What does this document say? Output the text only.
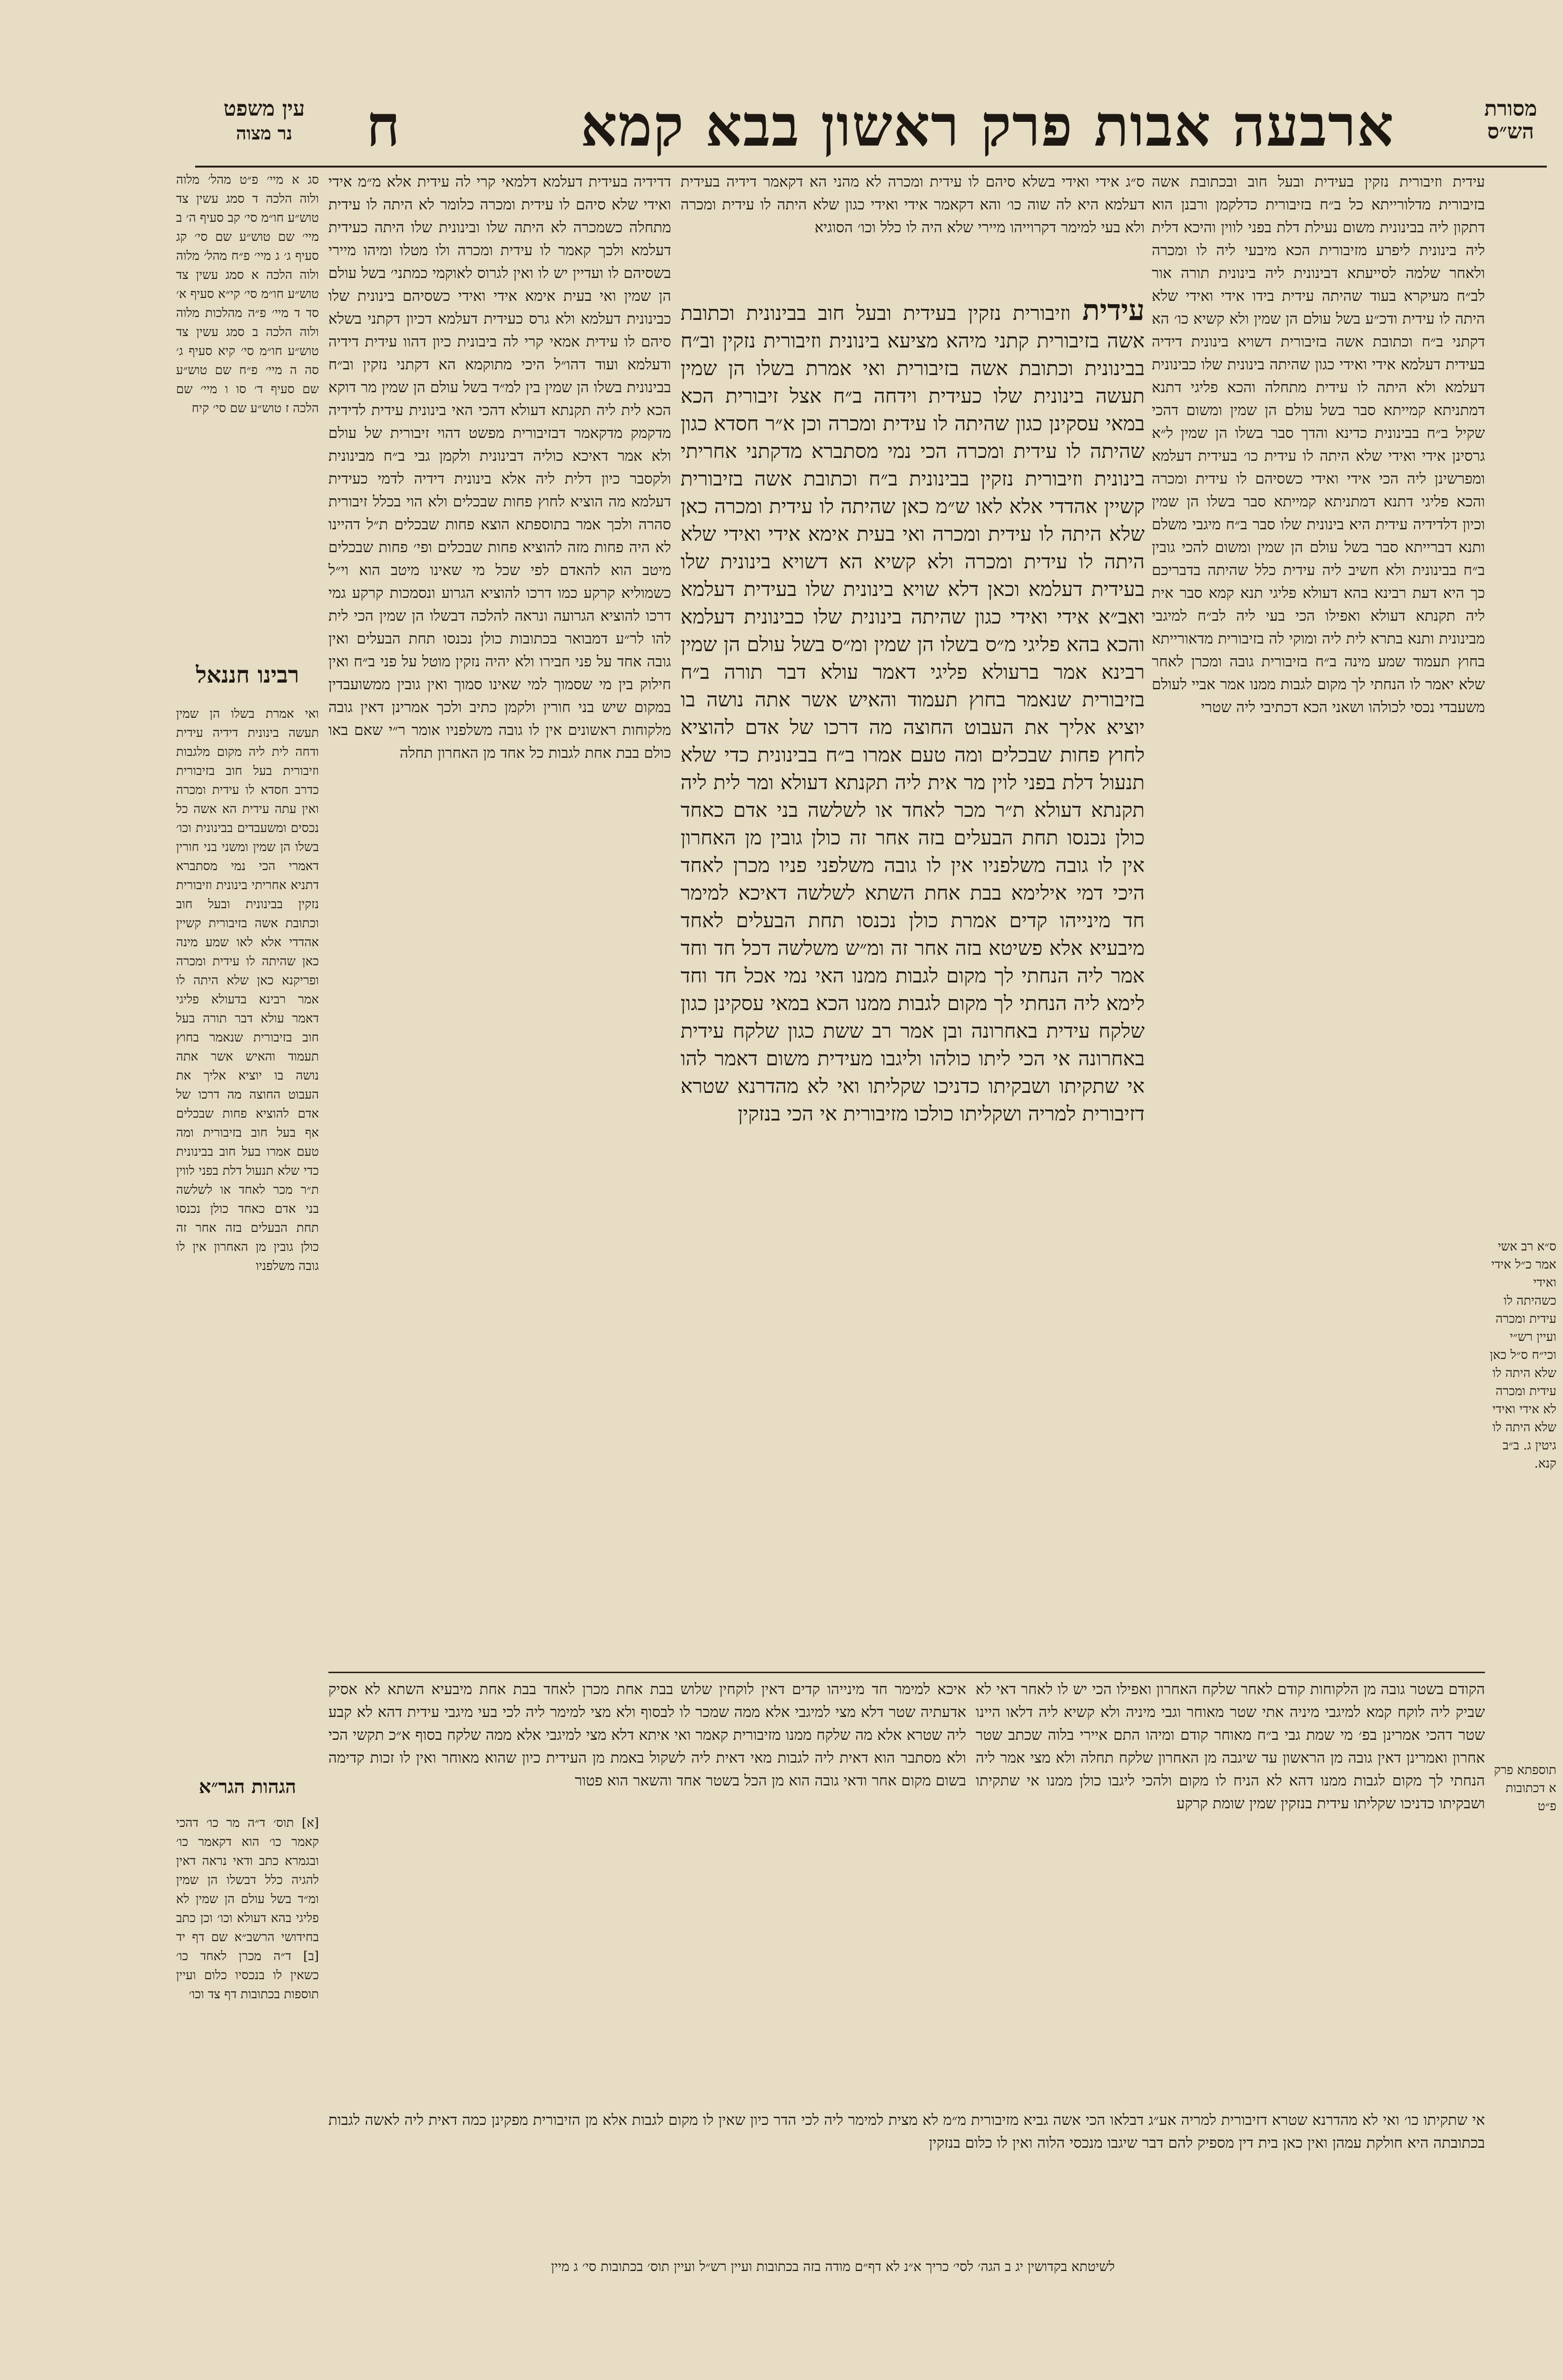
מסורת הש״ס
ארבעה אבות פרק ראשון בבא קמא
ח
עין משפט
נר מצוה

ס״ג אידי ואידי בשלא סיהם לו עידית ומכרה לא מהני הא דקאמר דידיה בעידית דעלמא היא לה שוה כו׳ והא דקאמר אידי ואידי כגון שלא היתה לו עידית ומכרה ולא בעי למימר דקרוייהו מיירי שלא היה לו כלל וכו׳ הסוגיא

עידית וזיבורית נזקין בעידית ובעל חוב בבינונית וכתובת אשה בזיבורית קתני מיהא מציעא בינונית וזיבורית נזקין וב״ח בבינונית וכתובת אשה בזיבורית ואי אמרת בשלו הן שמין תעשה בינונית שלו כעידית וידחה ב״ח אצל זיבורית הכא במאי עסקינן כגון שהיתה לו עידית ומכרה וכן א״ר חסדא כגון שהיתה לו עידית ומכרה הכי נמי מסתברא מדקתני אחריתי בינונית וזיבורית נזקין בבינונית ב״ח וכתובת אשה בזיבורית קשיין אהדדי אלא לאו ש״מ כאן שהיתה לו עידית ומכרה כאן שלא היתה לו עידית ומכרה ואי בעית אימא אידי ואידי שלא היתה לו עידית ומכרה ולא קשיא הא דשויא בינונית שלו בעידית דעלמא וכאן דלא שויא בינונית שלו בעידית דעלמא ואב״א אידי ואידי כגון שהיתה בינונית שלו כבינונית דעלמא והכא בהא פליגי מ״ס בשלו הן שמין ומ״ס בשל עולם הן שמין רבינא אמר ברעולא פליגי דאמר עולא דבר תורה ב״ח בזיבורית שנאמר בחוץ תעמוד והאיש אשר אתה נושה בו יוציא אליך את העבוט החוצה מה דרכו של אדם להוציא לחוץ פחות שבכלים ומה טעם אמרו ב״ח בבינונית כדי שלא תנעול דלת בפני לוין מר אית ליה תקנתא דעולא ומר לית ליה תקנתא דעולא ת״ר מכר לאחד או לשלשה בני אדם כאחד כולן נכנסו תחת הבעלים בזה אחר זה כולן גובין מן האחרון אין לו גובה משלפניו אין לו גובה משלפני פניו מכרן לאחד היכי דמי אילימא בבת אחת השתא לשלשה דאיכא למימר חד מינייהו קדים אמרת כולן נכנסו תחת הבעלים לאחד מיבעיא אלא פשיטא בזה אחר זה ומ״ש משלשה דכל חד וחד אמר ליה הנחתי לך מקום לגבות ממנו האי נמי אכל חד וחד לימא ליה הנחתי לך מקום לגבות ממנו הכא במאי עסקינן כגון שלקח עידית באחרונה ובן אמר רב ששת כגון שלקח עידית באחרונה אי הכי ליתו כולהו וליגבו מעידית משום דאמר להו אי שתקיתו ושבקיתו כדניכו שקליתו ואי לא מהדרנא שטרא דזיבורית למריה ושקליתו כולכו מזיבורית אי הכי בנזקין

עידית וזיבורית נזקין בעידית ובעל חוב ובכתובת אשה בזיבורית מדלורייתא כל ב״ח בזיבורית כדלקמן ורבנן הוא דתקון ליה בבינונית משום נעילת דלת בפני לווין והיכא דלית ליה בינונית ליפרע מזיבורית הכא מיבעי ליה לו ומכרה ולאחר שלמה לסייעתא דבינונית ליה בינונית תורה אור לב״ח מעיקרא בעוד שהיתה עידית בידו אידי ואידי שלא היתה לו עידית ודכ״ע בשל עולם הן שמין ולא קשיא כו׳ הא דקתני ב״ח וכתובת אשה בזיבורית דשויא בינונית דידיה בעידית דעלמא אידי ואידי כגון שהיתה בינונית שלו כבינונית דעלמא ולא היתה לו עידית מתחלה והכא פליגי דתנא דמתניתא קמייתא סבר בשל עולם הן שמין ומשום דהכי שקיל ב״ח בבינונית כדינא והדך סבר בשלו הן שמין ל״א גרסינן אידי ואידי שלא היתה לו עידית כו׳ בעידית דעלמא ומפרשינן ליה הכי אידי ואידי כשסיהם לו עידית ומכרה והכא פליגי דתנא דמתניתא קמייתא סבר בשלו הן שמין וכיון דלדידיה עידית היא בינונית שלו סבר ב״ח מיגבי משלם ותנא דברייתא סבר בשל עולם הן שמין ומשום להכי גובין ב״ח בבינונית ולא חשיב ליה עידית כלל שהיתה בדבריכם כך היא דעת רבינא בהא דעולא פליגי תנא קמא סבר אית ליה תקנתא דעולא ואפילו הכי בעי ליה לב״ח למיגבי מבינונית ותנא בתרא לית ליה ומוקי לה בזיבורית מדאורייתא בחוץ תעמוד שמע מינה ב״ח בזיבורית גובה ומכרן לאחר שלא יאמר לו הנחתי לך מקום לגבות ממנו אמר אביי לעולם משעבדי נכסי לכולהו ושאני הכא דכתיבי ליה שטרי

דדידיה בעידית דעלמא דלמאי קרי לה עידית אלא מ״מ אידי ואידי שלא סיהם לו עידית ומכרה כלומר לא היתה לו עידית מתחלה כשמכרה לא היתה שלו ובינונית שלו היתה כעידית דעלמא ולכך קאמר לו עידית ומכרה ולו מטלו ומיהו מיירי בשסיהם לו ועדיין יש לו ואין לגרוס לאוקמי כמתני׳ בשל עולם הן שמין ואי בעית אימא אידי ואידי כשסיהם בינונית שלו כבינונית דעלמא ולא גרס כעידית דעלמא דכיון דקתני בשלא סיהם לו עידית אמאי קרי לה ביבונית כיון דהוו עידית דידיה ודעלמא ועוד דהו״ל היכי מתוקמא הא דקתני נזקין וב״ח בבינונית בשלו הן שמין בין למ״ד בשל עולם הן שמין מר דוקא הכא לית ליה תקנתא דעולא דהכי האי בינונית עידית לדידיה מדקמק מדקאמר דבזיבורית מפשט דהוי זיבורית של עולם ולא אמר דאיכא כוליה דבינונית ולקמן גבי ב״ח מבינונית ולקסבר כיון דלית ליה אלא בינונית דידיה לדמי כעידית דעלמא מה הוציא לחוץ פחות שבכלים ולא הוי בכלל זיבורית סהרה ולכך אמר בתוספתא הוצא פחות שבכלים ת״ל דהיינו לא היה פחות מזה להוציא פחות שבכלים ופי׳ פחות שבכלים מיטב הוא להאדם לפי שכל מי שאינו מיטב הוא וי״ל כשמוליא קרקע כמו דרכו להוציא הגרוע ונסמכות קרקע גמי דרכו להוציא הגרועה ונראה להלכה דבשלו הן שמין הכי לית להו לר״ע דמבואר בכתובות כולן נכנסו תחת הבעלים ואין גובה אחד על פני חבירו ולא יהיה נזקין מוטל על פני ב״ח ואין חילוק בין מי שסמוך למי שאינו סמוך ואין גובין ממשועבדין במקום שיש בני חורין ולקמן כתיב ולכך אמרינן דאין גובה מלקוחות ראשונים אין לו גובה משלפניו אומר ר״י שאם באו כולם בבת אחת לגבות כל אחד מן האחרון תחלה

הקודם בשטר גובה מן הלקוחות קודם לאחר שלקח האחרון ואפילו הכי יש לו לאחר דאי לא שביק ליה לוקח קמא למיגבי מיניה אתי שטר מאוחר וגבי מיניה ולא קשיא ליה דלאו היינו שטר דהכי אמרינן בפ׳ מי שמת גבי ב״ח מאוחר קודם ומיהו התם איירי בלוה שכתב שטר אחרון ואמרינן דאין גובה מן הראשון עד שיגבה מן האחרון שלקח תחלה ולא מצי אמר ליה הנחתי לך מקום לגבות ממנו דהא לא הניח לו מקום ולהכי ליגבו כולן ממנו אי שתקיתו ושבקיתו כדניכו שקליתו עידית בנזקין שמין שומת קרקע

איכא למימר חד מינייהו קדים דאין לוקחין שלוש בבת אחת מכרן לאחד בבת אחת מיבעיא השתא לא אסיק אדעתיה שטר דלא מצי למיגבי אלא ממה שמכר לו לבסוף ולא מצי למימר ליה לכי בעי מיגבי עידית דהא לא קבע ליה שטרא אלא מה שלקח ממנו מזיבורית קאמר ואי איתא דלא מצי למיגבי אלא ממה שלקח בסוף א״כ תקשי הכי ולא מסתבר הוא דאית ליה לגבות מאי דאית ליה לשקול באמת מן העידית כיון שהוא מאוחר ואין לו זכות קדימה בשום מקום אחר ודאי גובה הוא מן הכל בשטר אחד והשאר הוא פטור

אי שתקיתו כו׳ ואי לא מהדרנא שטרא דזיבורית למריה אע״ג דבלאו הכי אשה גביא מזיבורית מ״מ לא מצית למימר ליה לכי הדר כיון שאין לו מקום לגבות אלא מן הזיבורית מפקינן כמה דאית ליה לאשה לגבות בכתובתה היא חולקת עמהן ואין כאן בית דין מספיק להם דבר שיגבו מנכסי הלוה ואין לו כלום בנזקין

לשיטתא בקדושין יג ב הגה׳ לסי׳ כריך א״נ לא דף״ם מודה בזה בכתובות ועיין רש״ל ועיין תוס׳ בכתובות סי׳ ג מיין

סג א מיי׳ פ״ט מהל׳ מלוה ולוה הלכה ד סמג עשין צד טוש״ע חו״מ סי׳ קב סעיף ה׳ ב מיי׳ שם טוש״ע שם סי׳ קג סעיף ג׳ ג מיי׳ פ״ח מהל׳ מלוה ולוה הלכה א סמג עשין צד טוש״ע חו״מ סי׳ קי״א סעיף א׳ סד ד מיי׳ פ״ה מהלכות מלוה ולוה הלכה ב סמג עשין צד טוש״ע חו״מ סי׳ קיא סעיף ג׳ סה ה מיי׳ פ״ח שם טוש״ע שם סעיף ד׳ סו ו מיי׳ שם הלכה ז טוש״ע שם סי׳ קיח

רבינו חננאל

ואי אמרת בשלו הן שמין תעשה בינונית דידיה עידית ודחה לית ליה מקום מלגבות וזיבורית בעל חוב בזיבורית כדרב חסדא לו עידית ומכרה ואין עתה עידית הא אשה כל נכסים ומשעבדים בבינונית וכו׳ בשלו הן שמין ומשני בני חורין דאמרי הכי נמי מסתברא דתניא אחריתי בינונית וזיבורית נזקין בבינונית ובעל חוב וכתובת אשה בזיבורית קשיין אהדדי אלא לאו שמע מינה כאן שהיתה לו עידית ומכרה ופריקנא כאן שלא היתה לו אמר רבינא בדעולא פליגי דאמר עולא דבר תורה בעל חוב בזיבורית שנאמר בחוץ תעמוד והאיש אשר אתה נושה בו יוציא אליך את העבוט החוצה מה דרכו של אדם להוציא פחות שבכלים אף בעל חוב בזיבורית ומה טעם אמרו בעל חוב בבינונית כדי שלא תנעול דלת בפני לווין ת״ר מכר לאחד או לשלשה בני אדם כאחד כולן נכנסו תחת הבעלים בזה אחר זה כולן גובין מן האחרון אין לו גובה משלפניו

הגהות הגר״א

[א] תוס׳ ד״ה מר כו׳ דהכי קאמר כו׳ הוא דקאמר כו׳ ובגמרא כתב ודאי נראה דאין להגיה כלל דבשלו הן שמין ומ״ד בשל עולם הן שמין לא פליגי בהא דעולא וכו׳ וכן כתב בחידושי הרשב״א שם דף יד [ב] ד״ה מכרן לאחד כו׳ כשאין לו בנכסיו כלום ועיין תוספות בכתובות דף צד וכו׳

ס״א רב אשי אמר כ״ל אידי ואידי כשהיתה לו עידית ומכרה ועיין רש״י וכי״ח ס״ל כאן שלא היתה לו עידית ומכרה לא אידי ואידי שלא היתה לו גיטין ג. ב״ב קנא.

תוספתא פרק א דכתובות פ״ט
